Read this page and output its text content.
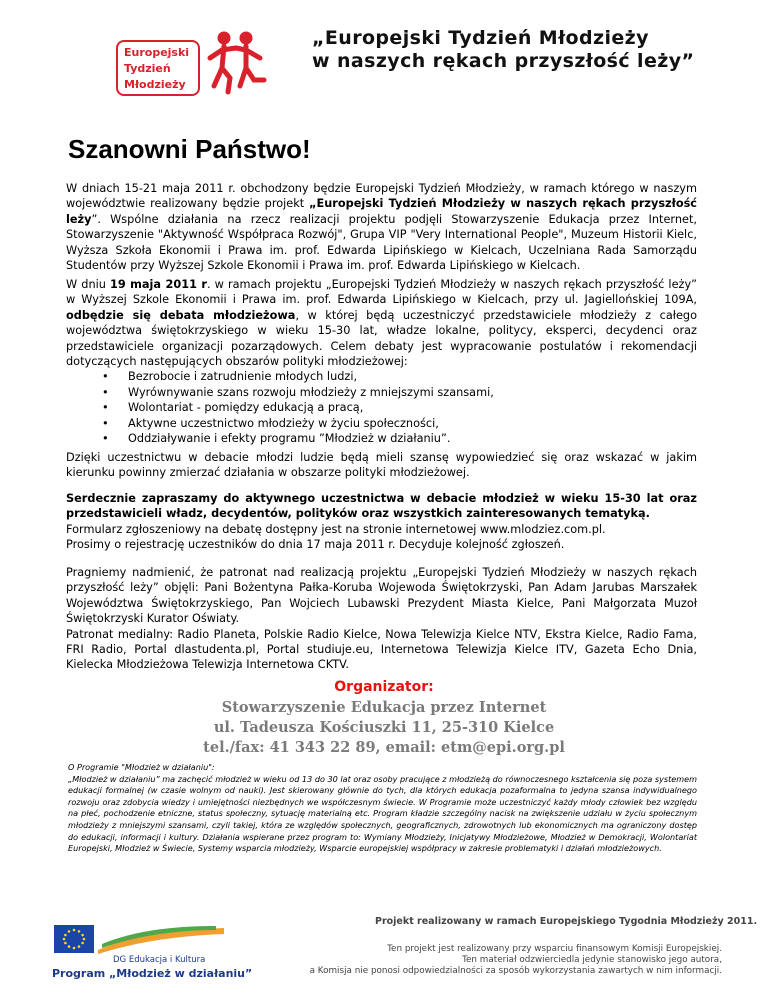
Europejski
Tydzień
Młodzieży
„Europejski Tydzień Młodzieży
w naszych rękach przyszłość leży”
Szanowni Państwo!

W dniach 15-21 maja 2011 r. obchodzony będzie Europejski Tydzień Młodzieży, w ramach którego w naszym województwie realizowany będzie projekt „Europejski Tydzień Młodzieży w naszych rękach przyszłość leży”. Wspólne działania na rzecz realizacji projektu podjęli Stowarzyszenie Edukacja przez Internet, Stowarzyszenie "Aktywność Współpraca Rozwój", Grupa VIP "Very International People", Muzeum Historii Kielc, Wyższa Szkoła Ekonomii i Prawa im. prof. Edwarda Lipińskiego w Kielcach, Uczelniana Rada Samorządu Studentów przy Wyższej Szkole Ekonomii i Prawa im. prof. Edwarda Lipińskiego w Kielcach.

W dniu 19 maja 2011 r. w ramach projektu „Europejski Tydzień Młodzieży w naszych rękach przyszłość leży” w Wyższej Szkole Ekonomii i Prawa im. prof. Edwarda Lipińskiego w Kielcach, przy ul. Jagiellońskiej 109A, odbędzie się debata młodzieżowa, w której będą uczestniczyć przedstawiciele młodzieży z całego województwa świętokrzyskiego w wieku 15-30 lat, władze lokalne, politycy, eksperci, decydenci oraz przedstawiciele organizacji pozarządowych. Celem debaty jest wypracowanie postulatów i rekomendacji dotyczących następujących obszarów polityki młodzieżowej:

• Bezrobocie i zatrudnienie młodych ludzi,
• Wyrównywanie szans rozwoju młodzieży z mniejszymi szansami,
• Wolontariat - pomiędzy edukacją a pracą,
• Aktywne uczestnictwo młodzieży w życiu społeczności,
• Oddziaływanie i efekty programu ”Młodzież w działaniu”.

Dzięki uczestnictwu w debacie młodzi ludzie będą mieli szansę wypowiedzieć się oraz wskazać w jakim kierunku powinny zmierzać działania w obszarze polityki młodzieżowej.

Serdecznie zapraszamy do aktywnego uczestnictwa w debacie młodzież w wieku 15-30 lat oraz przedstawicieli władz, decydentów, polityków oraz wszystkich zainteresowanych tematyką.

Formularz zgłoszeniowy na debatę dostępny jest na stronie internetowej www.mlodziez.com.pl.

Prosimy o rejestrację uczestników do dnia 17 maja 2011 r. Decyduje kolejność zgłoszeń.

Pragniemy nadmienić, że patronat nad realizacją projektu „Europejski Tydzień Młodzieży w naszych rękach przyszłość leży” objęli: Pani Bożentyna Pałka-Koruba Wojewoda Świętokrzyski, Pan Adam Jarubas Marszałek Województwa Świętokrzyskiego, Pan Wojciech Lubawski Prezydent Miasta Kielce, Pani Małgorzata Muzoł Świętokrzyski Kurator Oświaty.

Patronat medialny: Radio Planeta, Polskie Radio Kielce, Nowa Telewizja Kielce NTV, Ekstra Kielce, Radio Fama, FRI Radio, Portal dlastudenta.pl, Portal studiuje.eu, Internetowa Telewizja Kielce ITV, Gazeta Echo Dnia, Kielecka Młodzieżowa Telewizja Internetowa CKTV.

Organizator:
Stowarzyszenie Edukacja przez Internet
ul. Tadeusza Kościuszki 11, 25-310 Kielce
tel./fax: 41 343 22 89, email: etm@epi.org.pl

O Programie "Młodzież w działaniu":

„Młodzież w działaniu” ma zachęcić młodzież w wieku od 13 do 30 lat oraz osoby pracujące z młodzieżą do równoczesnego kształcenia się poza systemem edukacji formalnej (w czasie wolnym od nauki). Jest skierowany głównie do tych, dla których edukacja pozaformalna to jedyna szansa indywidualnego rozwoju oraz zdobycia wiedzy i umiejętności niezbędnych we współczesnym świecie. W Programie może uczestniczyć każdy młody człowiek bez względu na płeć, pochodzenie etniczne, status społeczny, sytuację materialną etc. Program kładzie szczególny nacisk na zwiększenie udziału w życiu społecznym młodzieży z mniejszymi szansami, czyli takiej, która ze względów społecznych, geograficznych, zdrowotnych lub ekonomicznych ma ograniczony dostęp do edukacji, informacji i kultury. Działania wspierane przez program to: Wymiany Młodzieży, Inicjatywy Młodzieżowe, Młodzież w Demokracji, Wolontariat Europejski, Młodzież w Świecie, Systemy wsparcia młodzieży, Wsparcie europejskiej współpracy w zakresie problematyki i działań młodzieżowych.

DG Edukacja i Kultura
Program „Młodzież w działaniu”
Projekt realizowany w ramach Europejskiego Tygodnia Młodzieży 2011.
Ten projekt jest realizowany przy wsparciu finansowym Komisji Europejskiej.
Ten materiał odzwierciedla jedynie stanowisko jego autora,
a Komisja nie ponosi odpowiedzialności za sposób wykorzystania zawartych w nim informacji.
